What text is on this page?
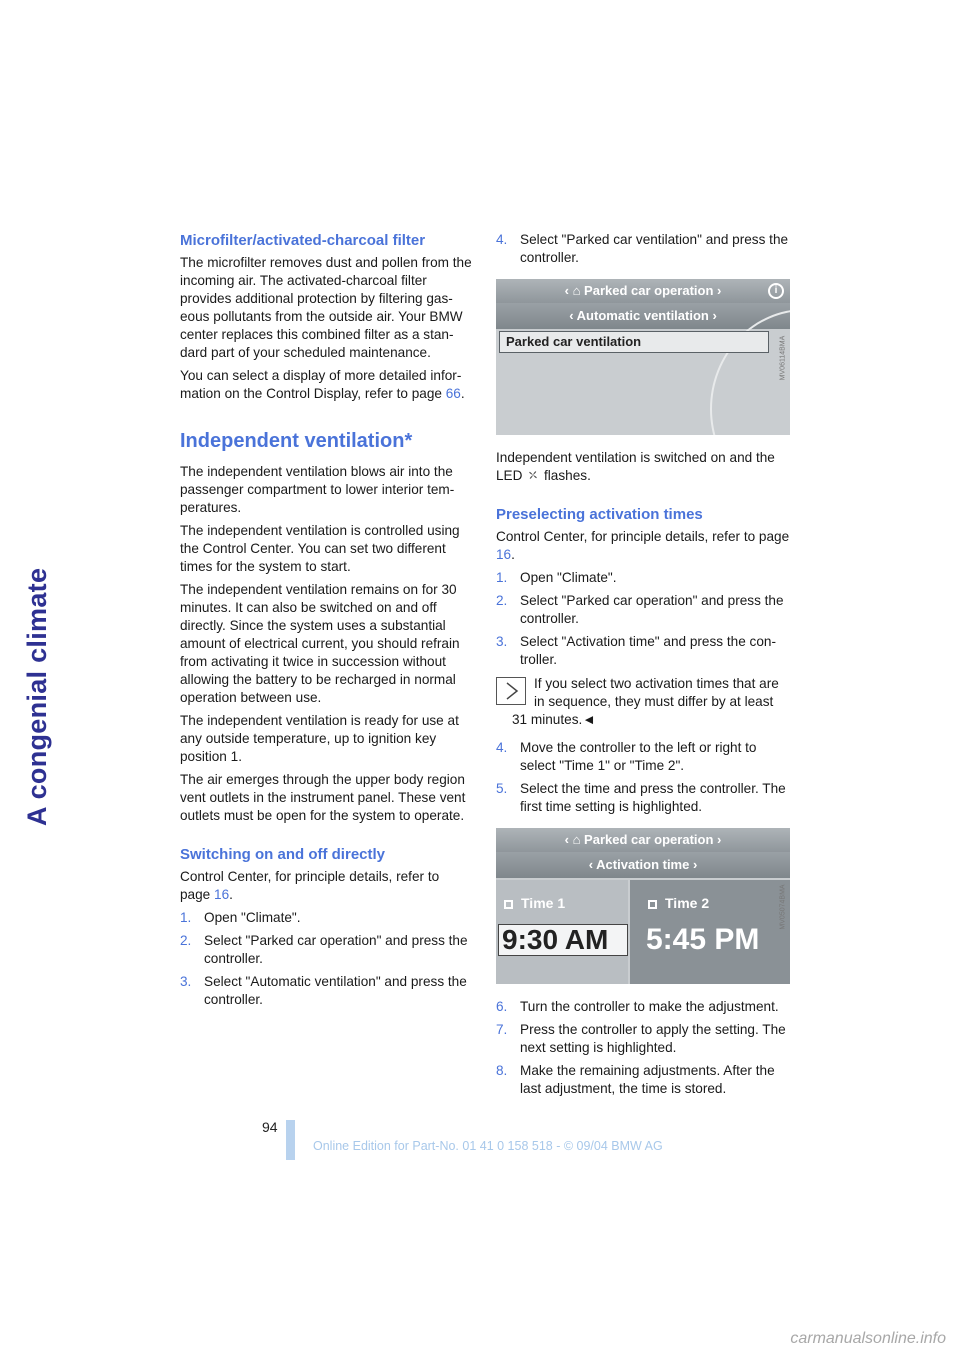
A congenial climate
Microfilter/activated-charcoal filter

The microfilter removes dust and pollen from the incoming air. The activated-charcoal filter provides additional protection by filtering gas-eous pollutants from the outside air. Your BMW center replaces this combined filter as a stan-dard part of your scheduled maintenance.

You can select a display of more detailed infor-mation on the Control Display, refer to page 66.

Independent ventilation*

The independent ventilation blows air into the passenger compartment to lower interior tem-peratures.

The independent ventilation is controlled using the Control Center. You can set two different times for the system to start.

The independent ventilation remains on for 30 minutes. It can also be switched on and off directly. Since the system uses a substantial amount of electrical current, you should refrain from activating it twice in succession without allowing the battery to be recharged in normal operation between use.

The independent ventilation is ready for use at any outside temperature, up to ignition key position 1.

The air emerges through the upper body region vent outlets in the instrument panel. These vent outlets must be open for the system to operate.

Switching on and off directly

Control Center, for principle details, refer to page 16.

1. Open "Climate".
2. Select "Parked car operation" and press the controller.
3. Select "Automatic ventilation" and press the controller.
4. Select "Parked car ventilation" and press the controller.
‹ ⌂ Parked car operation ›	i
‹ Automatic ventilation ›
Parked car ventilation	MV06114BMA

Independent ventilation is switched on and the LED  flashes.

Preselecting activation times

Control Center, for principle details, refer to page 16.

1. Open "Climate".
2. Select "Parked car operation" and press the controller.
3. Select "Activation time" and press the con-troller.

If you select two activation times that are in sequence, they must differ by at least 31 minutes.◄

4. Move the controller to the left or right to select "Time 1" or "Time 2".
5. Select the time and press the controller. The first time setting is highlighted.
‹ ⌂ Parked car operation ›
‹ Activation time ›
Time 1	Time 2
9:30 AM	5:45 PM
MV05074BMA
6. Turn the controller to make the adjustment.
7. Press the controller to apply the setting. The next setting is highlighted.
8. Make the remaining adjustments. After the last adjustment, the time is stored.
94
Online Edition for Part-No. 01 41 0 158 518 - © 09/04 BMW AG
carmanualsonline.info
